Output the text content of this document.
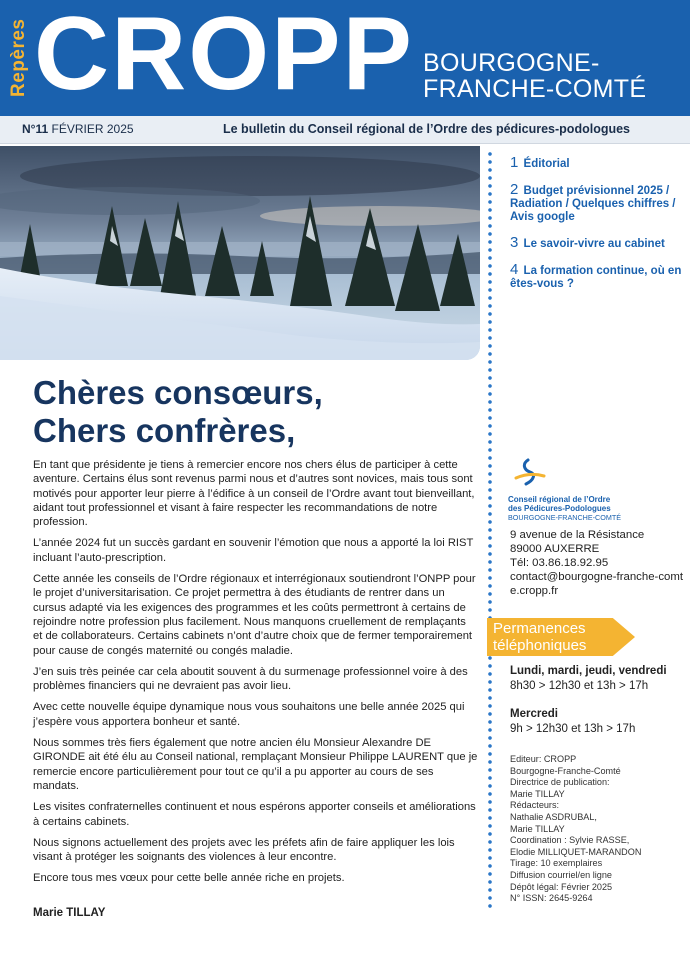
Repères CROPP BOURGOGNE-
FRANCHE-COMTÉ
N°11 FÉVRIER 2025	Le bulletin du Conseil régional de l’Ordre des pédicures-podologues
1 Éditorial
2 Budget prévisionnel 2025 / Radiation / Quelques chiffres / Avis google
3 Le savoir-vivre au cabinet
4 La formation continue, où en êtes-vous ?
Chères consœurs,
Chers confrères,

En tant que présidente je tiens à remercier encore nos chers élus de participer à cette aventure. Certains élus sont revenus parmi nous et d’autres sont novices, mais tous sont motivés pour apporter leur pierre à l’édifice à un conseil de l’Ordre avant tout bienveillant, aidant tout professionnel et visant à faire respecter les recommandations de notre profession.

L’année 2024 fut un succès gardant en souvenir l’émotion que nous a apporté la loi RIST incluant l’auto-prescription.

Cette année les conseils de l’Ordre régionaux et interrégionaux soutiendront l’ONPP pour le projet d’universitarisation. Ce projet permettra à des étudiants de rentrer dans un cursus adapté via les exigences des programmes et les coûts permettront à certains de rejoindre notre profession plus facilement. Nous manquons cruellement de remplaçants et de collaborateurs. Certains cabinets n’ont d’autre choix que de fermer temporairement pour cause de congés maternité ou congés maladie.

J’en suis très peinée car cela aboutit souvent à du surmenage professionnel voire à des problèmes financiers qui ne devraient pas avoir lieu.

Avec cette nouvelle équipe dynamique nous vous souhaitons une belle année 2025 qui j’espère vous apportera bonheur et santé.

Nous sommes très fiers également que notre ancien élu Monsieur Alexandre DE GIRONDE ait été élu au Conseil national, remplaçant Monsieur Philippe LAURENT que je remercie encore particulièrement pour tout ce qu’il a pu apporter au cours de ses mandats.

Les visites confraternelles continuent et nous espérons apporter conseils et améliorations à certains cabinets.

Nous signons actuellement des projets avec les préfets afin de faire appliquer les lois visant à protéger les soignants des violences à leur encontre.

Encore tous mes vœux pour cette belle année riche en projets.

Marie TILLAY
Conseil régional de l’Ordre
des Pédicures-Podologues
BOURGOGNE-FRANCHE-COMTÉ
9 avenue de la Résistance
89000 AUXERRE
Tél: 03.86.18.92.95
contact@bourgogne-franche-comte.cropp.fr
Permanences téléphoniques
Lundi, mardi, jeudi, vendredi
8h30 > 12h30 et 13h > 17h
Mercredi
9h > 12h30 et 13h > 17h
Editeur: CROPP
Bourgogne-Franche-Comté
Directrice de publication:
Marie TILLAY
Rédacteurs:
Nathalie ASDRUBAL,
Marie TILLAY
Coordination : Sylvie RASSE,
Elodie MILLIQUET-MARANDON
Tirage: 10 exemplaires
Diffusion courriel/en ligne
Dépôt légal: Février 2025
N° ISSN: 2645-9264
